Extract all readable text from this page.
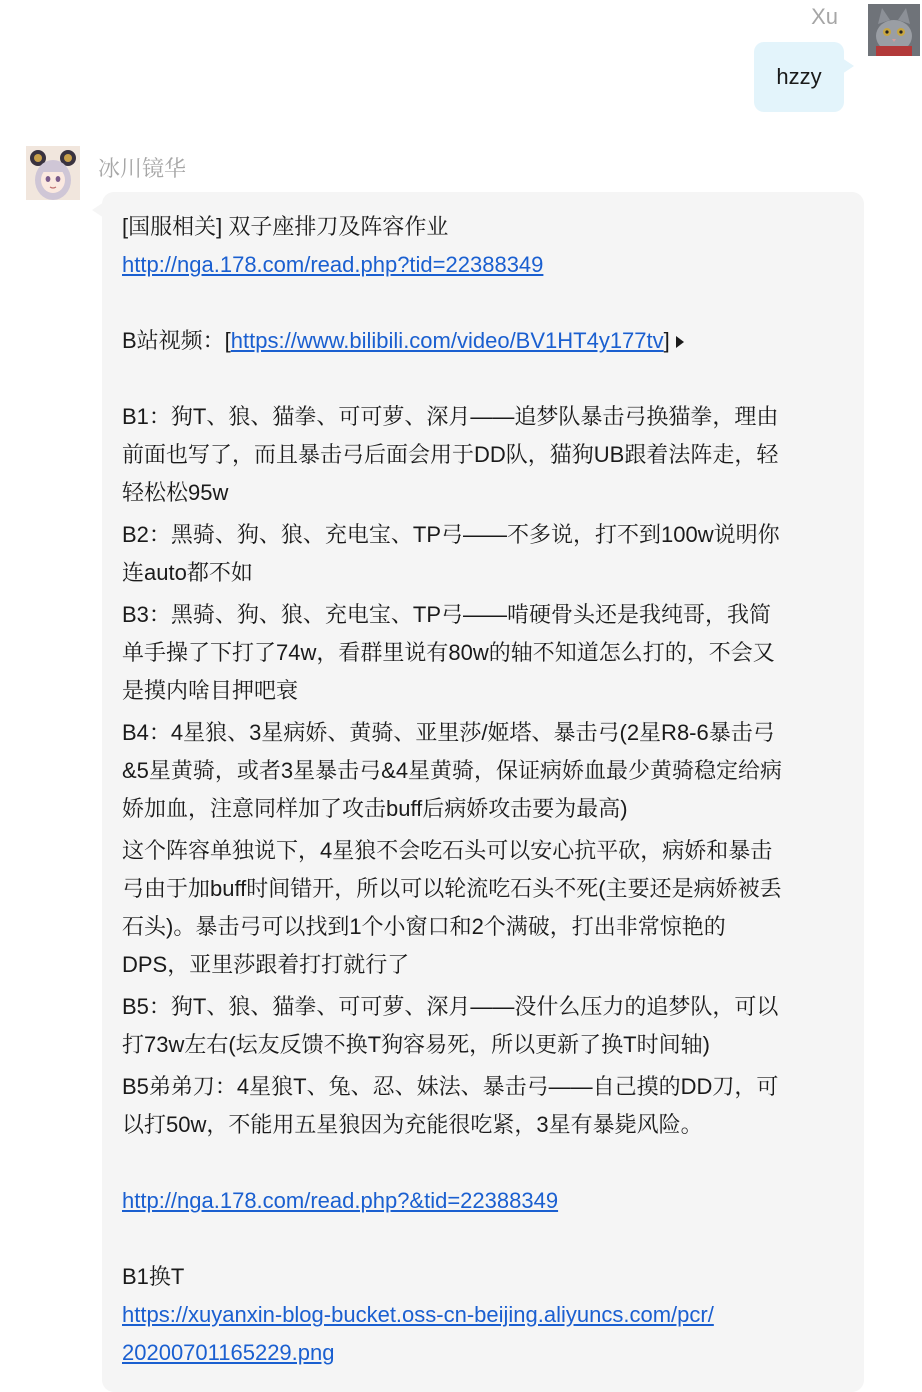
Xu
hzzy
冰川镜华
[国服相关] 双子座排刀及阵容作业
http://nga.178.com/read.php?tid=22388349
B站视频：[https://www.bilibili.com/video/BV1HT4y177tv]
B1：狗T、狼、猫拳、可可萝、深月——追梦队暴击弓换猫拳，理由
前面也写了，而且暴击弓后面会用于DD队，猫狗UB跟着法阵走，轻
轻松松95w
B2：黑骑、狗、狼、充电宝、TP弓——不多说，打不到100w说明你
连auto都不如
B3：黑骑、狗、狼、充电宝、TP弓——啃硬骨头还是我纯哥，我简
单手操了下打了74w，看群里说有80w的轴不知道怎么打的，不会又
是摸内啥目押吧衰
B4：4星狼、3星病娇、黄骑、亚里莎/姬塔、暴击弓(2星R8-6暴击弓
&5星黄骑，或者3星暴击弓&4星黄骑，保证病娇血最少黄骑稳定给病
娇加血，注意同样加了攻击buff后病娇攻击要为最高)
这个阵容单独说下，4星狼不会吃石头可以安心抗平砍，病娇和暴击
弓由于加buff时间错开，所以可以轮流吃石头不死(主要还是病娇被丢
石头)。暴击弓可以找到1个小窗口和2个满破，打出非常惊艳的
DPS，亚里莎跟着打打就行了
B5：狗T、狼、猫拳、可可萝、深月——没什么压力的追梦队，可以
打73w左右(坛友反馈不换T狗容易死，所以更新了换T时间轴)
B5弟弟刀：4星狼T、兔、忍、妹法、暴击弓——自己摸的DD刀，可
以打50w，不能用五星狼因为充能很吃紧，3星有暴毙风险。
http://nga.178.com/read.php?&tid=22388349
B1换T
https://xuyanxin-blog-bucket.oss-cn-beijing.aliyuncs.com/pcr/
20200701165229.png
